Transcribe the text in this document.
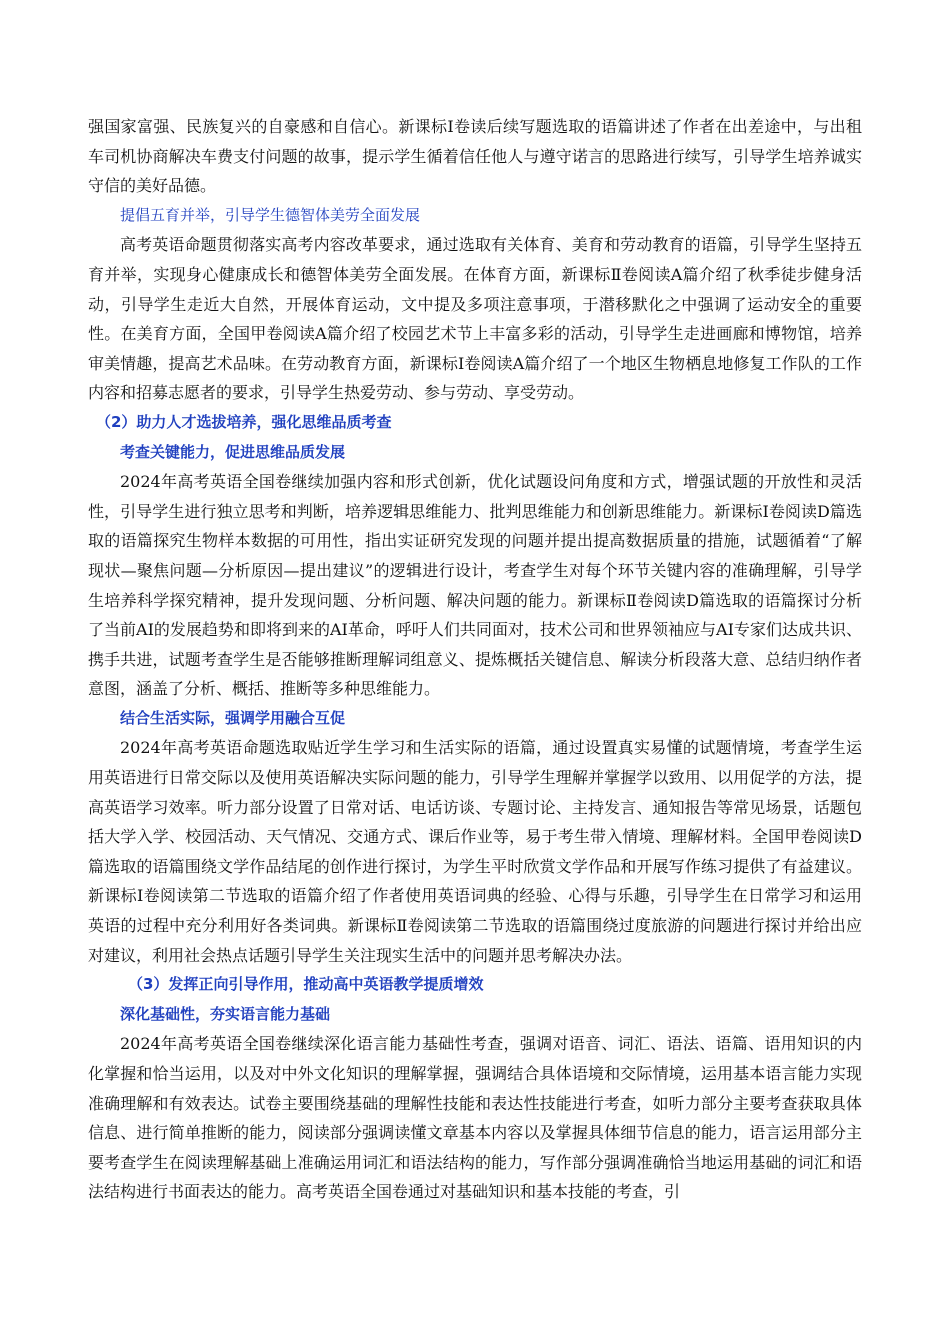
强国家富强、民族复兴的自豪感和自信心。新课标Ⅰ卷读后续写题选取的语篇讲述了作者在出差途中，与出租车司机协商解决车费支付问题的故事，提示学生循着信任他人与遵守诺言的思路进行续写，引导学生培养诚实守信的美好品德。

提倡五育并举，引导学生德智体美劳全面发展

高考英语命题贯彻落实高考内容改革要求，通过选取有关体育、美育和劳动教育的语篇，引导学生坚持五育并举，实现身心健康成长和德智体美劳全面发展。在体育方面，新课标Ⅱ卷阅读A篇介绍了秋季徒步健身活动，引导学生走近大自然，开展体育运动，文中提及多项注意事项，于潜移默化之中强调了运动安全的重要性。在美育方面，全国甲卷阅读A篇介绍了校园艺术节上丰富多彩的活动，引导学生走进画廊和博物馆，培养审美情趣，提高艺术品味。在劳动教育方面，新课标Ⅰ卷阅读A篇介绍了一个地区生物栖息地修复工作队的工作内容和招募志愿者的要求，引导学生热爱劳动、参与劳动、享受劳动。

（2）助力人才选拔培养，强化思维品质考查

考查关键能力，促进思维品质发展

2024年高考英语全国卷继续加强内容和形式创新，优化试题设问角度和方式，增强试题的开放性和灵活性，引导学生进行独立思考和判断，培养逻辑思维能力、批判思维能力和创新思维能力。新课标Ⅰ卷阅读D篇选取的语篇探究生物样本数据的可用性，指出实证研究发现的问题并提出提高数据质量的措施，试题循着“了解现状—聚焦问题—分析原因—提出建议”的逻辑进行设计，考查学生对每个环节关键内容的准确理解，引导学生培养科学探究精神，提升发现问题、分析问题、解决问题的能力。新课标Ⅱ卷阅读D篇选取的语篇探讨分析了当前AI的发展趋势和即将到来的AI革命，呼吁人们共同面对，技术公司和世界领袖应与AI专家们达成共识、携手共进，试题考查学生是否能够推断理解词组意义、提炼概括关键信息、解读分析段落大意、总结归纳作者意图，涵盖了分析、概括、推断等多种思维能力。

结合生活实际，强调学用融合互促

2024年高考英语命题选取贴近学生学习和生活实际的语篇，通过设置真实易懂的试题情境，考查学生运用英语进行日常交际以及使用英语解决实际问题的能力，引导学生理解并掌握学以致用、以用促学的方法，提高英语学习效率。听力部分设置了日常对话、电话访谈、专题讨论、主持发言、通知报告等常见场景，话题包括大学入学、校园活动、天气情况、交通方式、课后作业等，易于考生带入情境、理解材料。全国甲卷阅读D篇选取的语篇围绕文学作品结尾的创作进行探讨，为学生平时欣赏文学作品和开展写作练习提供了有益建议。新课标Ⅰ卷阅读第二节选取的语篇介绍了作者使用英语词典的经验、心得与乐趣，引导学生在日常学习和运用英语的过程中充分利用好各类词典。新课标Ⅱ卷阅读第二节选取的语篇围绕过度旅游的问题进行探讨并给出应对建议，利用社会热点话题引导学生关注现实生活中的问题并思考解决办法。

（3）发挥正向引导作用，推动高中英语教学提质增效

深化基础性，夯实语言能力基础

2024年高考英语全国卷继续深化语言能力基础性考查，强调对语音、词汇、语法、语篇、语用知识的内化掌握和恰当运用，以及对中外文化知识的理解掌握，强调结合具体语境和交际情境，运用基本语言能力实现准确理解和有效表达。试卷主要围绕基础的理解性技能和表达性技能进行考查，如听力部分主要考查获取具体信息、进行简单推断的能力，阅读部分强调读懂文章基本内容以及掌握具体细节信息的能力，语言运用部分主要考查学生在阅读理解基础上准确运用词汇和语法结构的能力，写作部分强调准确恰当地运用基础的词汇和语法结构进行书面表达的能力。高考英语全国卷通过对基础知识和基本技能的考查，引
